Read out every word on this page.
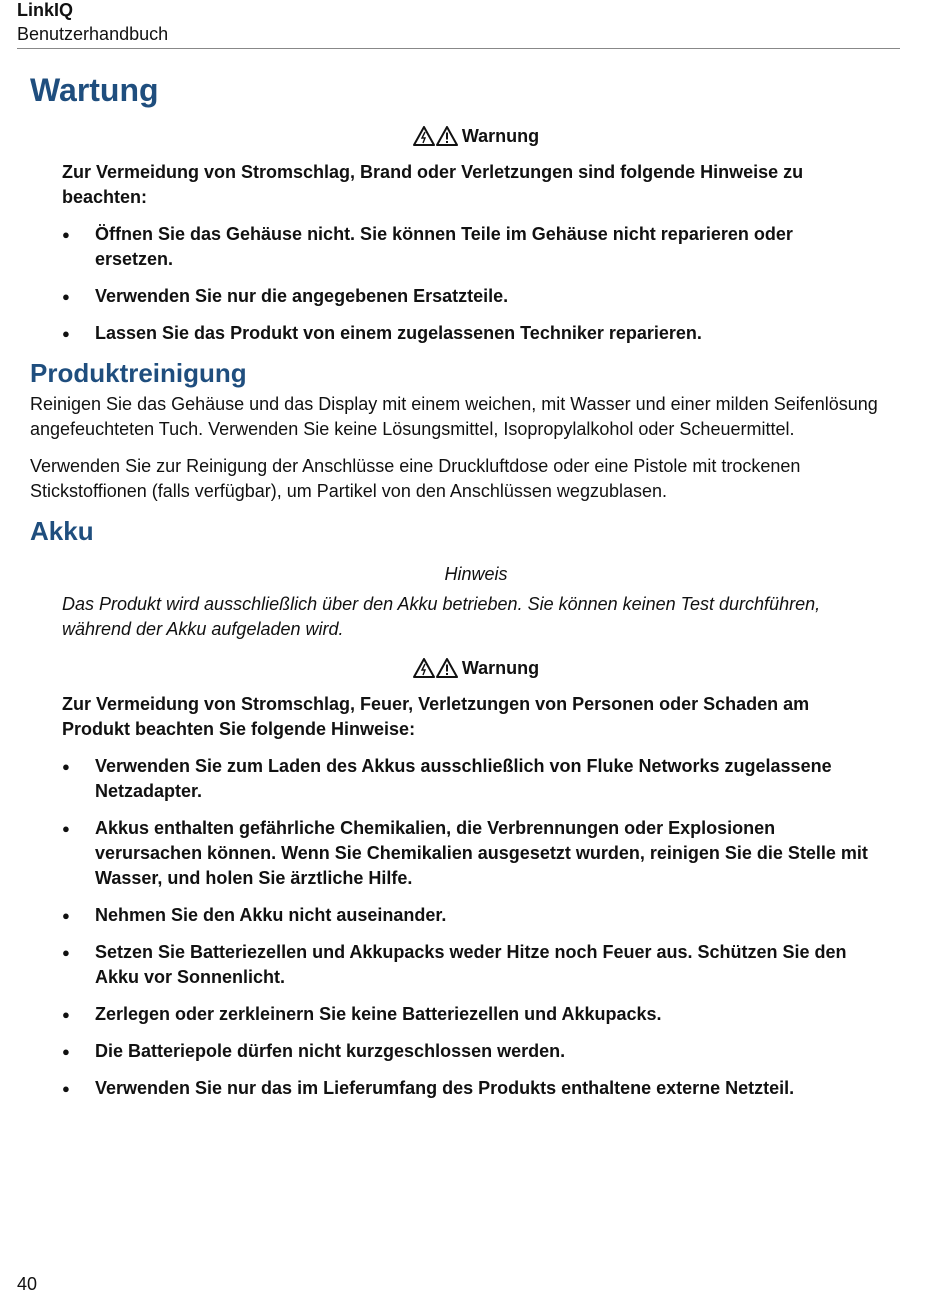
LinkIQ
Benutzerhandbuch
Wartung
Warnung
Zur Vermeidung von Stromschlag, Brand oder Verletzungen sind folgende Hinweise zu beachten:
● Öffnen Sie das Gehäuse nicht. Sie können Teile im Gehäuse nicht reparieren oder ersetzen.
● Verwenden Sie nur die angegebenen Ersatzteile.
● Lassen Sie das Produkt von einem zugelassenen Techniker reparieren.
Produktreinigung

Reinigen Sie das Gehäuse und das Display mit einem weichen, mit Wasser und einer milden Seifenlösung angefeuchteten Tuch. Verwenden Sie keine Lösungsmittel, Isopropylalkohol oder Scheuermittel.

Verwenden Sie zur Reinigung der Anschlüsse eine Druckluftdose oder eine Pistole mit trockenen Stickstoffionen (falls verfügbar), um Partikel von den Anschlüssen wegzublasen.

Akku
Hinweis
Das Produkt wird ausschließlich über den Akku betrieben. Sie können keinen Test durchführen, während der Akku aufgeladen wird.
Warnung
Zur Vermeidung von Stromschlag, Feuer, Verletzungen von Personen oder Schaden am Produkt beachten Sie folgende Hinweise:
● Verwenden Sie zum Laden des Akkus ausschließlich von Fluke Networks zugelassene Netzadapter.
● Akkus enthalten gefährliche Chemikalien, die Verbrennungen oder Explosionen verursachen können. Wenn Sie Chemikalien ausgesetzt wurden, reinigen Sie die Stelle mit Wasser, und holen Sie ärztliche Hilfe.
● Nehmen Sie den Akku nicht auseinander.
● Setzen Sie Batteriezellen und Akkupacks weder Hitze noch Feuer aus. Schützen Sie den Akku vor Sonnenlicht.
● Zerlegen oder zerkleinern Sie keine Batteriezellen und Akkupacks.
● Die Batteriepole dürfen nicht kurzgeschlossen werden.
● Verwenden Sie nur das im Lieferumfang des Produkts enthaltene externe Netzteil.
40
